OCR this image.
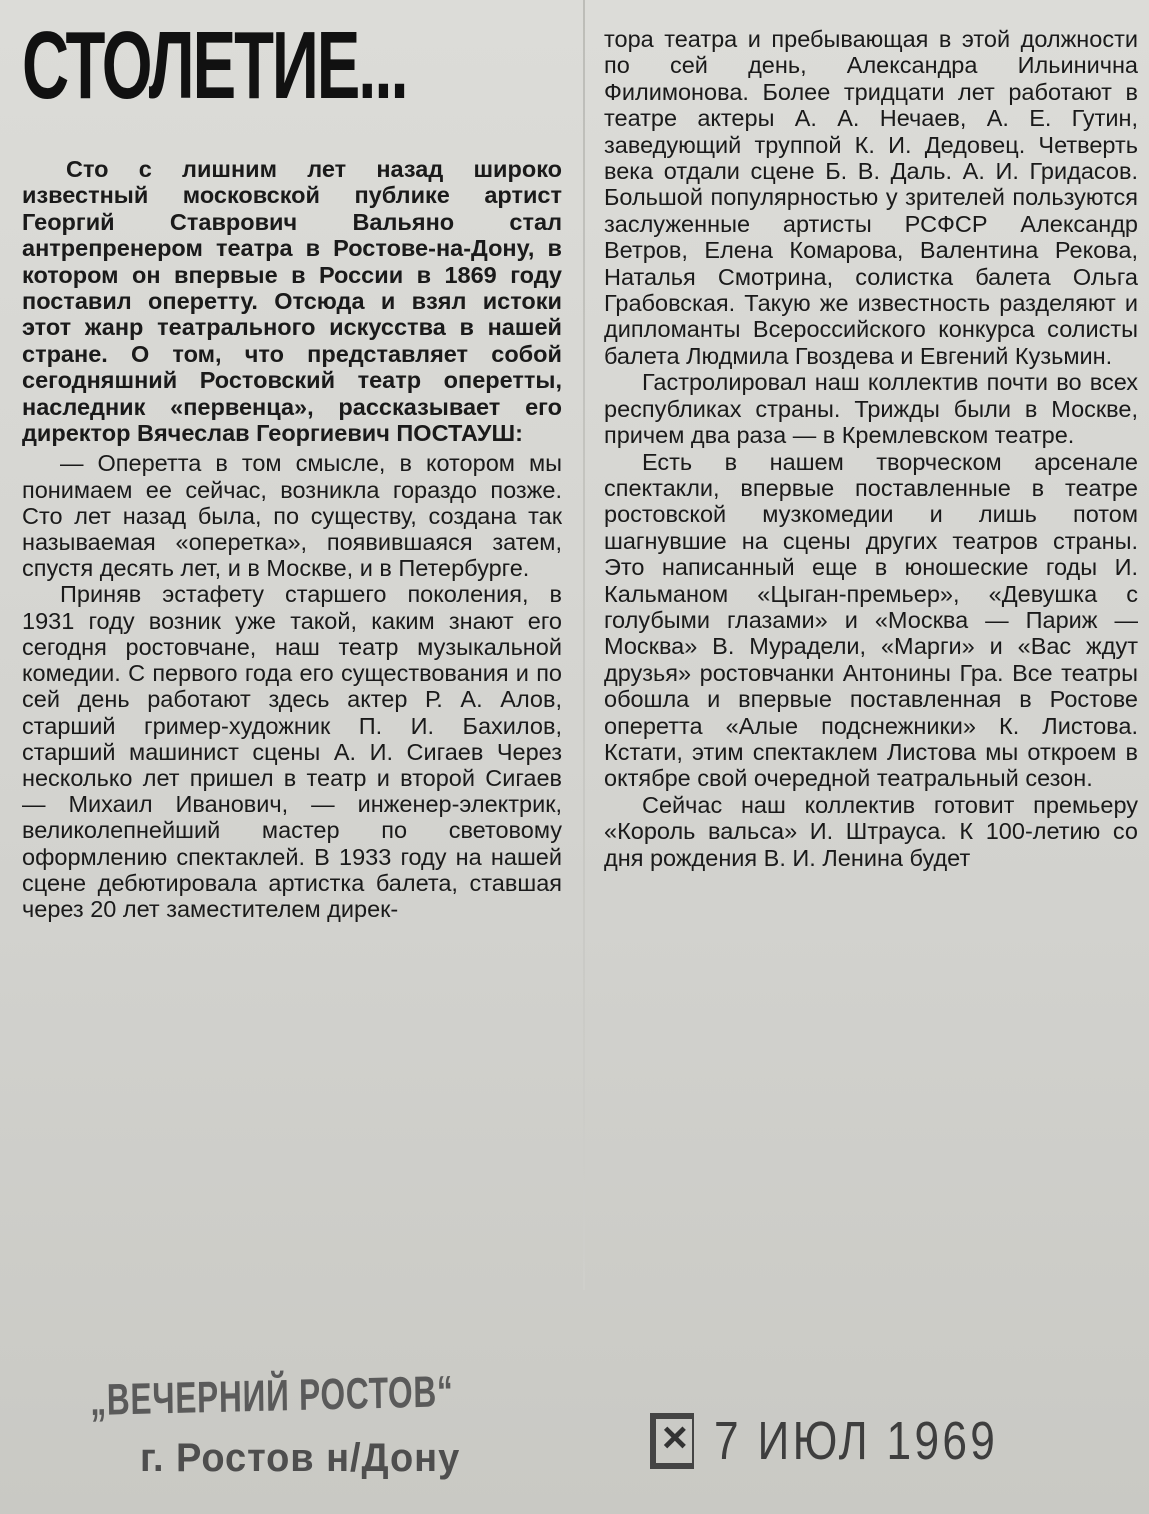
СТОЛЕТИЕ...

Сто с лишним лет назад широко известный московской публике артист Георгий Ставрович Вальяно стал антрепренером театра в Ростове-на-Дону, в котором он впервые в России в 1869 году поставил оперетту. Отсюда и взял истоки этот жанр театрального искусства в нашей стране. О том, что представляет собой сегодняшний Ростовский театр оперетты, наследник «первенца», рассказывает его директор Вячеслав Георгиевич ПОСТАУШ:

— Оперетта в том смысле, в котором мы понимаем ее сейчас, возникла гораздо позже. Сто лет назад была, по существу, создана так называемая «оперетка», появившаяся затем, спустя десять лет, и в Москве, и в Петербурге.

Приняв эстафету старшего поколения, в 1931 году возник уже такой, каким знают его сегодня ростовчане, наш театр музыкальной комедии. С первого года его существования и по сей день работают здесь актер Р. А. Алов, старший гример-художник П. И. Бахилов, старший машинист сцены А. И. Сигаев Через несколько лет пришел в театр и второй Сигаев — Михаил Иванович, — инженер-электрик, великолепнейший мастер по световому оформлению спектаклей. В 1933 году на нашей сцене дебютировала артистка балета, ставшая через 20 лет заместителем дирек-

тора театра и пребывающая в этой должности по сей день, Александра Ильинична Филимонова. Более тридцати лет работают в театре актеры А. А. Нечаев, А. Е. Гутин, заведующий труппой К. И. Дедовец. Четверть века отдали сцене Б. В. Даль. А. И. Гридасов. Большой популярностью у зрителей пользуются заслуженные артисты РСФСР Александр Ветров, Елена Комарова, Валентина Рекова, Наталья Смотрина, солистка балета Ольга Грабовская. Такую же известность разделяют и дипломанты Всероссийского конкурса солисты балета Людмила Гвоздева и Евгений Кузьмин.

Гастролировал наш коллектив почти во всех республиках страны. Трижды были в Москве, причем два раза — в Кремлевском театре.

Есть в нашем творческом арсенале спектакли, впервые поставленные в театре ростовской музкомедии и лишь потом шагнувшие на сцены других театров страны. Это написанный еще в юношеские годы И. Кальманом «Цыган-премьер», «Девушка с голубыми глазами» и «Москва — Париж — Москва» В. Мурадели, «Марги» и «Вас ждут друзья» ростовчанки Антонины Гра. Все театры обошла и впервые поставленная в Ростове оперетта «Алые подснежники» К. Листова. Кстати, этим спектаклем Листова мы откроем в октябре свой очередной театральный сезон.

Сейчас наш коллектив готовит премьеру «Король вальса» И. Штрауса. К 100-летию со дня рождения В. И. Ленина будет

„ВЕЧЕРНИЙ РОСТОВ“
г. Ростов н/Дону
×	7 ИЮЛ 1969
